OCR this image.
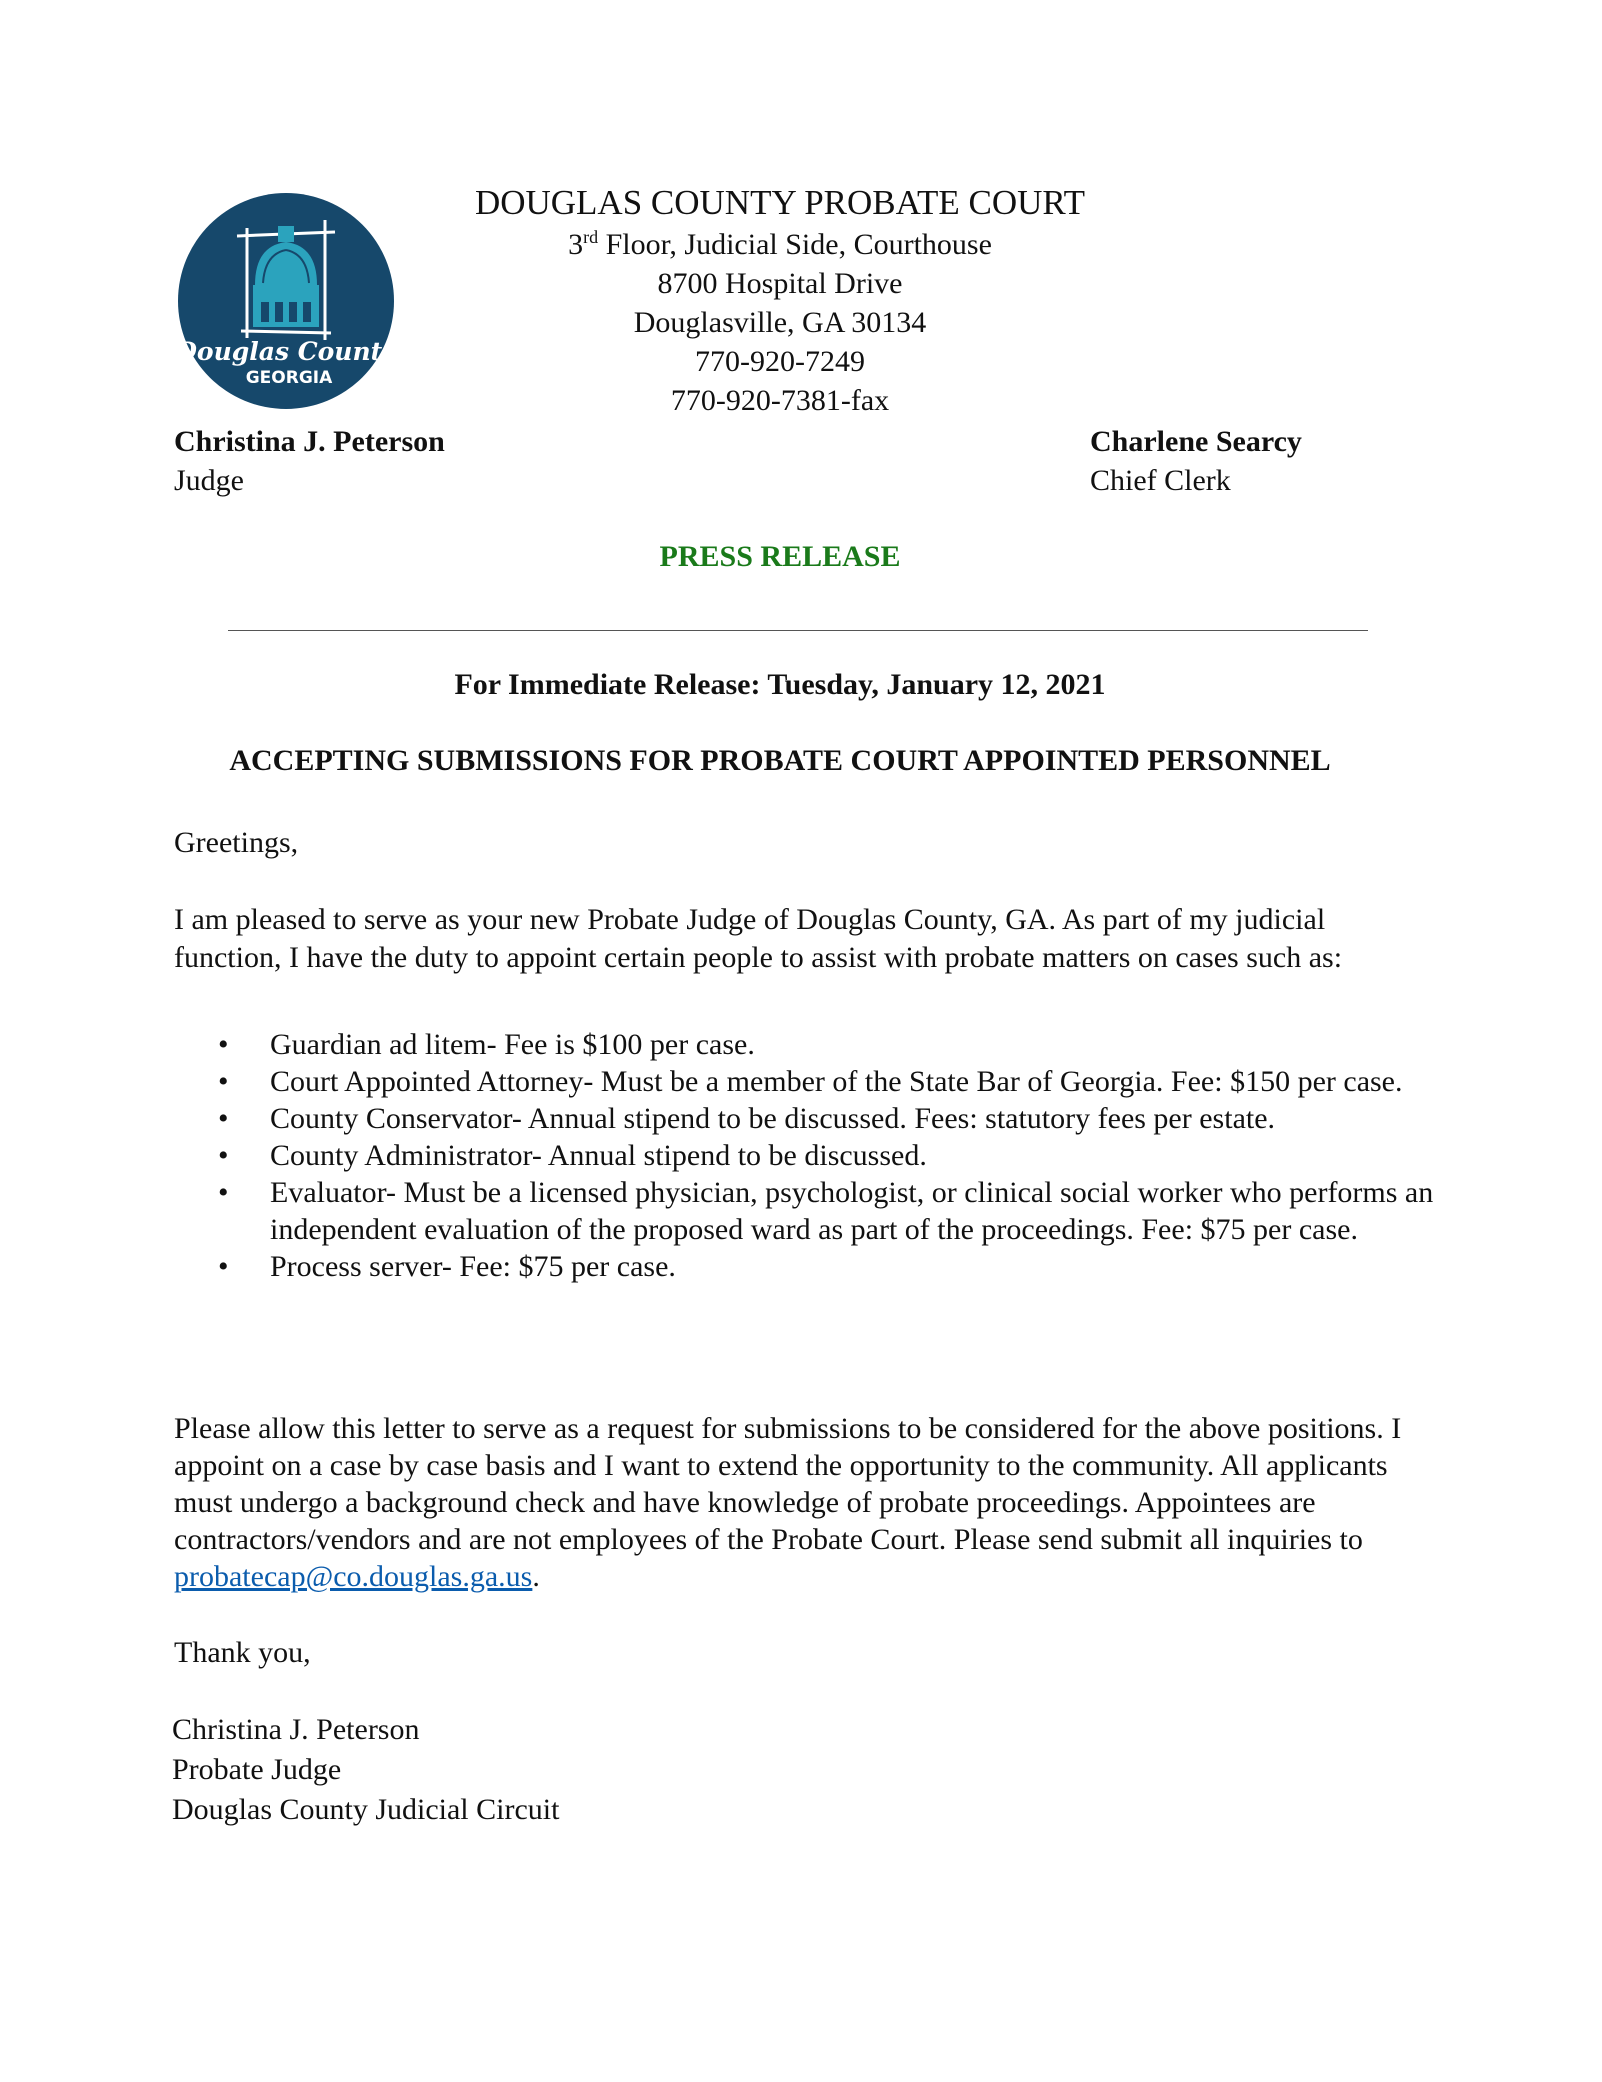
Douglas County
GEORGIA
DOUGLAS COUNTY PROBATE COURT
3rd Floor, Judicial Side, Courthouse
8700 Hospital Drive
Douglasville, GA 30134
770-920-7249
770-920-7381-fax
Christina J. Peterson
Judge
Charlene Searcy
Chief Clerk
PRESS RELEASE
For Immediate Release: Tuesday, January 12, 2021
ACCEPTING SUBMISSIONS FOR PROBATE COURT APPOINTED PERSONNEL
Greetings,
I am pleased to serve as your new Probate Judge of Douglas County, GA. As part of my judicial function, I have the duty to appoint certain people to assist with probate matters on cases such as:
• Guardian ad litem- Fee is $100 per case.
• Court Appointed Attorney- Must be a member of the State Bar of Georgia. Fee: $150 per case.
• County Conservator- Annual stipend to be discussed. Fees: statutory fees per estate.
• County Administrator- Annual stipend to be discussed.
• Evaluator- Must be a licensed physician, psychologist, or clinical social worker who performs an independent evaluation of the proposed ward as part of the proceedings. Fee: $75 per case.
• Process server- Fee: $75 per case.
Please allow this letter to serve as a request for submissions to be considered for the above positions. I appoint on a case by case basis and I want to extend the opportunity to the community. All applicants must undergo a background check and have knowledge of probate proceedings. Appointees are contractors/vendors and are not employees of the Probate Court. Please send submit all inquiries to probatecap@co.douglas.ga.us.
Thank you,
Christina J. Peterson
Probate Judge
Douglas County Judicial Circuit
